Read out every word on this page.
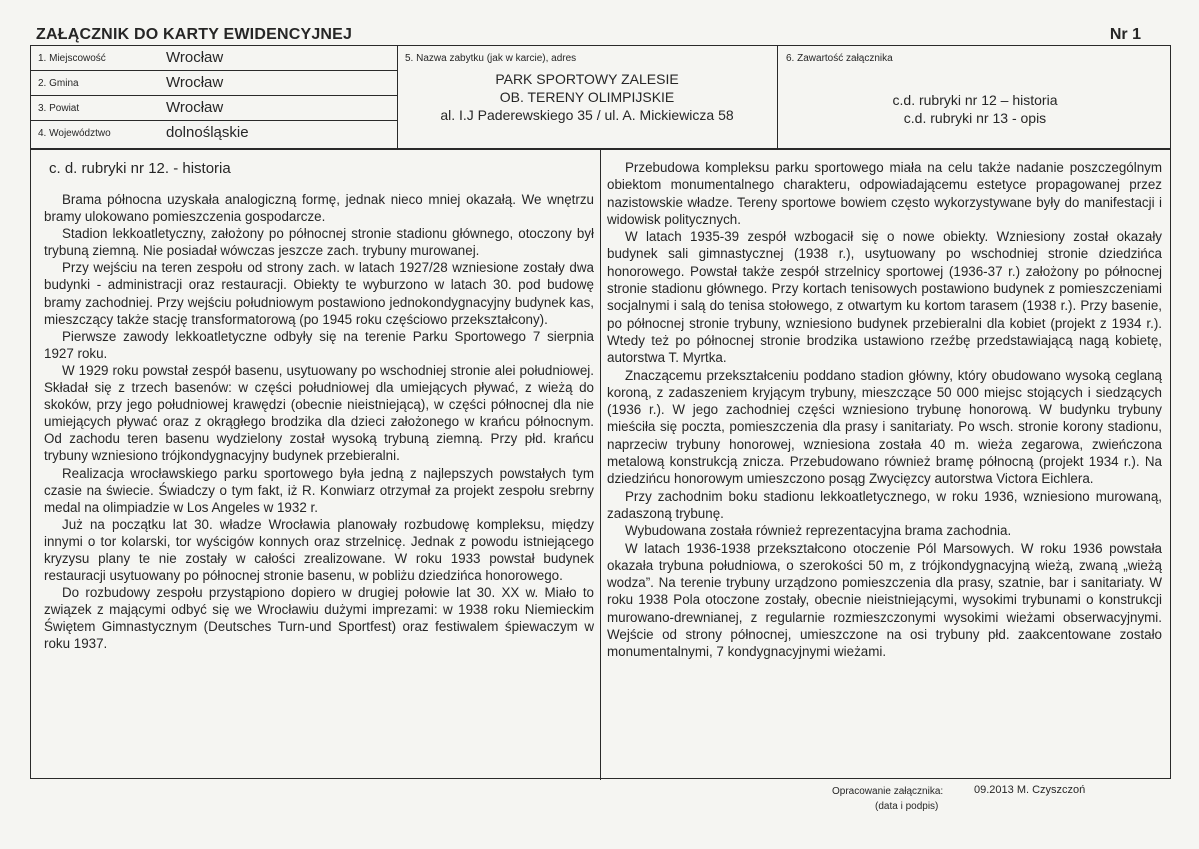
ZAŁĄCZNIK DO KARTY EWIDENCYJNEJ	Nr 1
1. Miejscowość	Wrocław
2. Gmina	Wrocław
3. Powiat	Wrocław
4. Województwo	dolnośląskie
5. Nazwa zabytku (jak w karcie), adres
PARK SPORTOWY ZALESIE
OB. TERENY OLIMPIJSKIE
al. I.J Paderewskiego 35 / ul. A. Mickiewicza 58
6. Zawartość załącznika
c.d. rubryki nr 12 – historia
c.d. rubryki nr 13 - opis
c. d. rubryki nr 12. - historia

Brama północna uzyskała analogiczną formę, jednak nieco mniej okazałą. We wnętrzu bramy ulokowano pomieszczenia gospodarcze.

Stadion lekkoatletyczny, założony po północnej stronie stadionu głównego, otoczony był trybuną ziemną. Nie posiadał wówczas jeszcze zach. trybuny murowanej.

Przy wejściu na teren zespołu od strony zach. w latach 1927/28 wzniesione zostały dwa budynki - administracji oraz restauracji. Obiekty te wyburzono w latach 30. pod budowę bramy zachodniej. Przy wejściu południowym postawiono jednokondygnacyjny budynek kas, mieszczący także stację transformatorową (po 1945 roku częściowo przekształcony).

Pierwsze zawody lekkoatletyczne odbyły się na terenie Parku Sportowego 7 sierpnia 1927 roku.

W 1929 roku powstał zespół basenu, usytuowany po wschodniej stronie alei południowej. Składał się z trzech basenów: w części południowej dla umiejących pływać, z wieżą do skoków, przy jego południowej krawędzi (obecnie nieistniejącą), w części północnej dla nie umiejących pływać oraz z okrągłego brodzika dla dzieci założonego w krańcu północnym. Od zachodu teren basenu wydzielony został wysoką trybuną ziemną. Przy płd. krańcu trybuny wzniesiono trójkondygnacyjny budynek przebieralni.

Realizacja wrocławskiego parku sportowego była jedną z najlepszych powstałych tym czasie na świecie. Świadczy o tym fakt, iż R. Konwiarz otrzymał za projekt zespołu srebrny medal na olimpiadzie w Los Angeles w 1932 r.

Już na początku lat 30. władze Wrocławia planowały rozbudowę kompleksu, między innymi o tor kolarski, tor wyścigów konnych oraz strzelnicę. Jednak z powodu istniejącego kryzysu plany te nie zostały w całości zrealizowane. W roku 1933 powstał budynek restauracji usytuowany po północnej stronie basenu, w pobliżu dziedzińca honorowego.

Do rozbudowy zespołu przystąpiono dopiero w drugiej połowie lat 30. XX w. Miało to związek z mającymi odbyć się we Wrocławiu dużymi imprezami: w 1938 roku Niemieckim Świętem Gimnastycznym (Deutsches Turn-und Sportfest) oraz festiwalem śpiewaczym w roku 1937.

Przebudowa kompleksu parku sportowego miała na celu także nadanie poszczególnym obiektom monumentalnego charakteru, odpowiadającemu estetyce propagowanej przez nazistowskie władze. Tereny sportowe bowiem często wykorzystywane były do manifestacji i widowisk politycznych.

W latach 1935-39 zespół wzbogacił się o nowe obiekty. Wzniesiony został okazały budynek sali gimnastycznej (1938 r.), usytuowany po wschodniej stronie dziedzińca honorowego. Powstał także zespół strzelnicy sportowej (1936-37 r.) założony po północnej stronie stadionu głównego. Przy kortach tenisowych postawiono budynek z pomieszczeniami socjalnymi i salą do tenisa stołowego, z otwartym ku kortom tarasem (1938 r.). Przy basenie, po północnej stronie trybuny, wzniesiono budynek przebieralni dla kobiet (projekt z 1934 r.). Wtedy też po północnej stronie brodzika ustawiono rzeźbę przedstawiającą nagą kobietę, autorstwa T. Myrtka.

Znaczącemu przekształceniu poddano stadion główny, który obudowano wysoką ceglaną koroną, z zadaszeniem kryjącym trybuny, mieszczące 50 000 miejsc stojących i siedzących (1936 r.). W jego zachodniej części wzniesiono trybunę honorową. W budynku trybuny mieściła się poczta, pomieszczenia dla prasy i sanitariaty. Po wsch. stronie korony stadionu, naprzeciw trybuny honorowej, wzniesiona została 40 m. wieża zegarowa, zwieńczona metalową konstrukcją znicza. Przebudowano również bramę północną (projekt 1934 r.). Na dziedzińcu honorowym umieszczono posąg Zwycięzcy autorstwa Victora Eichlera.

Przy zachodnim boku stadionu lekkoatletycznego, w roku 1936, wzniesiono murowaną, zadaszoną trybunę.

Wybudowana została również reprezentacyjna brama zachodnia.

W latach 1936-1938 przekształcono otoczenie Pól Marsowych. W roku 1936 powstała okazała trybuna południowa, o szerokości 50 m, z trójkondygnacyjną wieżą, zwaną „wieżą wodza”. Na terenie trybuny urządzono pomieszczenia dla prasy, szatnie, bar i sanitariaty. W roku 1938 Pola otoczone zostały, obecnie nieistniejącymi, wysokimi trybunami o konstrukcji murowano-drewnianej, z regularnie rozmieszczonymi wysokimi wieżami obserwacyjnymi. Wejście od strony północnej, umieszczone na osi trybuny płd. zaakcentowane zostało monumentalnymi, 7 kondygnacyjnymi wieżami.

Opracowanie załącznika:	09.2013 M. Czyszczoń
(data i podpis)
